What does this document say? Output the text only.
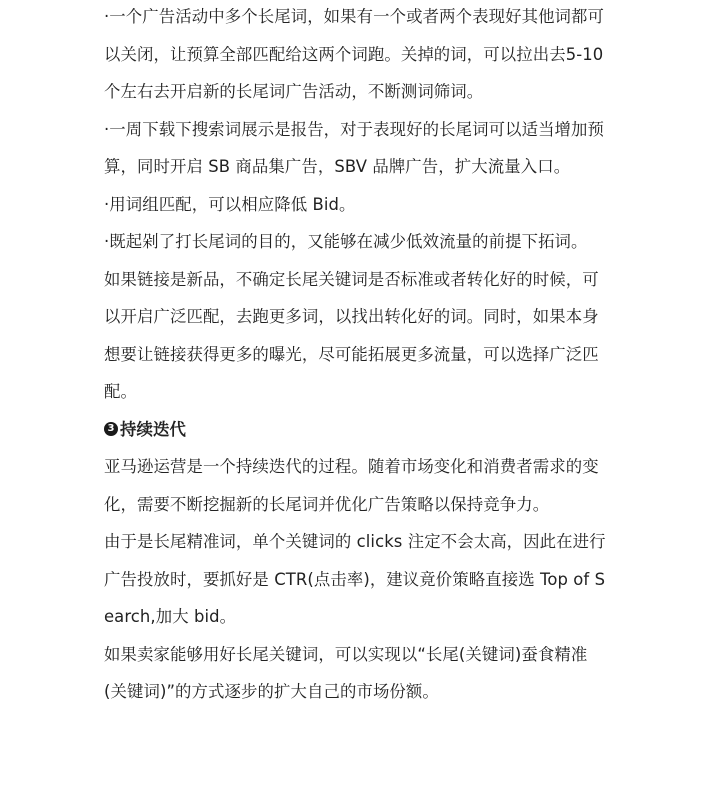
·一个广告活动中多个长尾词，如果有一个或者两个表现好其他词都可以关闭，让预算全部匹配给这两个词跑。关掉的词，可以拉出去5-10 个左右去开启新的长尾词广告活动，不断测词筛词。

·一周下载下搜索词展示是报告，对于表现好的长尾词可以适当增加预算，同时开启 SB 商品集广告，SBV 品牌广告，扩大流量入口。

·用词组匹配，可以相应降低 Bid。

·既起剁了打长尾词的目的，又能够在减少低效流量的前提下拓词。

如果链接是新品，不确定长尾关键词是否标准或者转化好的时候，可以开启广泛匹配，去跑更多词，以找出转化好的词。同时，如果本身想要让链接获得更多的曝光，尽可能拓展更多流量，可以选择广泛匹配。

3 持续迭代

亚马逊运营是一个持续迭代的过程。随着市场变化和消费者需求的变化，需要不断挖掘新的长尾词并优化广告策略以保持竞争力。

由于是长尾精准词，单个关键词的 clicks 注定不会太高，因此在进行广告投放时，要抓好是 CTR(点击率)，建议竟价策略直接选 Top of Search,加大 bid。

如果卖家能够用好长尾关键词，可以实现以“长尾(关键词)蚕食精准(关键词)”的方式逐步的扩大自己的市场份额。
